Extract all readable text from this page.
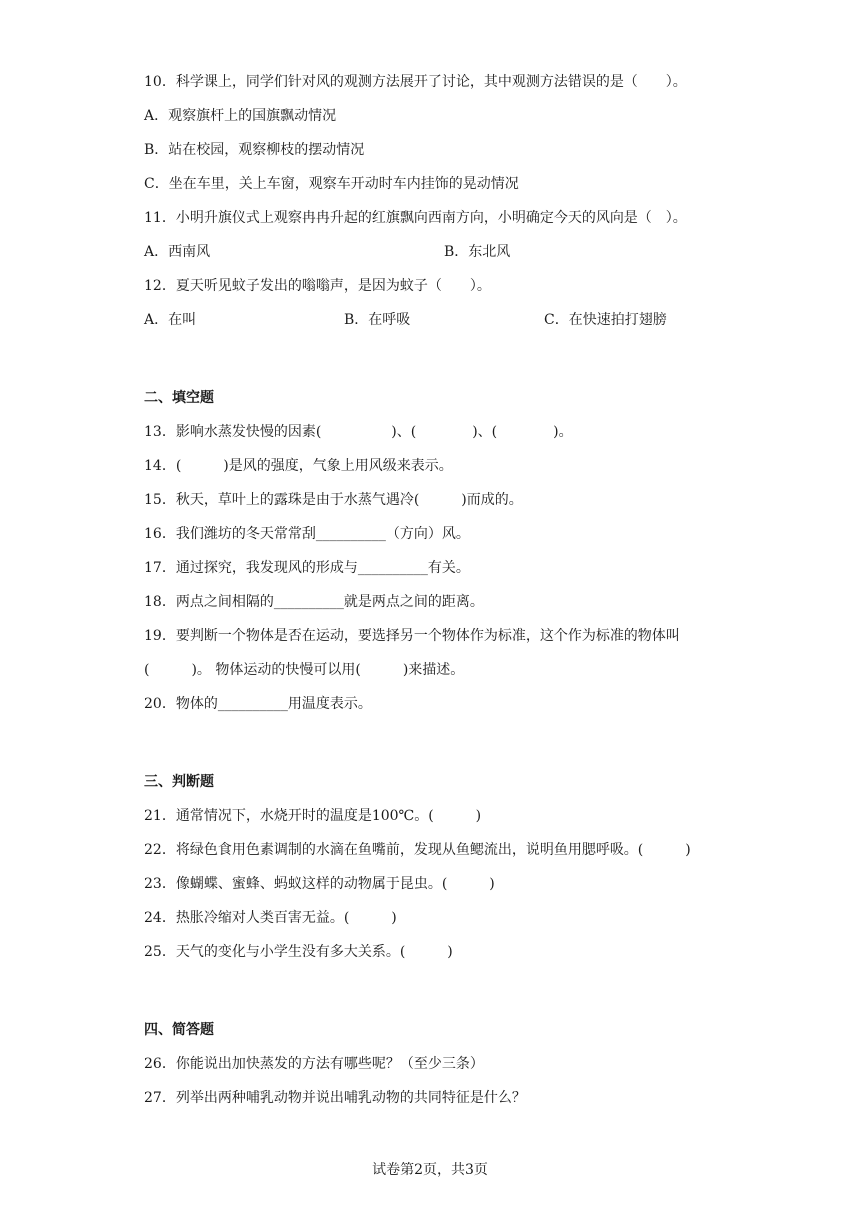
10．科学课上，同学们针对风的观测方法展开了讨论，其中观测方法错误的是（　　）。
A．观察旗杆上的国旗飘动情况
B．站在校园，观察柳枝的摆动情况
C．坐在车里，关上车窗，观察车开动时车内挂饰的晃动情况
11．小明升旗仪式上观察冉冉升起的红旗飘向西南方向，小明确定今天的风向是（　）。
A．西南风	B．东北风
12．夏天听见蚊子发出的嗡嗡声，是因为蚊子（　　）。
A．在叫	B．在呼吸	C．在快速拍打翅膀
二、填空题
13．影响水蒸发快慢的因素(　　　　　)、(　　　　)、(　　　　)。
14．(　　　)是风的强度，气象上用风级来表示。
15．秋天，草叶上的露珠是由于水蒸气遇冷(　　　)而成的。
16．我们潍坊的冬天常常刮__________（方向）风。
17．通过探究，我发现风的形成与__________有关。
18．两点之间相隔的__________就是两点之间的距离。
19．要判断一个物体是否在运动，要选择另一个物体作为标准，这个作为标准的物体叫
(　　　)。 物体运动的快慢可以用(　　　)来描述。
20．物体的__________用温度表示。
三、判断题
21．通常情况下，水烧开时的温度是100℃。(　　　)
22．将绿色食用色素调制的水滴在鱼嘴前，发现从鱼鳃流出，说明鱼用腮呼吸。(　　　)
23．像蝴蝶、蜜蜂、蚂蚁这样的动物属于昆虫。(　　　)
24．热胀冷缩对人类百害无益。(　　　)
25．天气的变化与小学生没有多大关系。(　　　)
四、简答题
26．你能说出加快蒸发的方法有哪些呢？（至少三条）
27．列举出两种哺乳动物并说出哺乳动物的共同特征是什么？
试卷第2页，共3页
